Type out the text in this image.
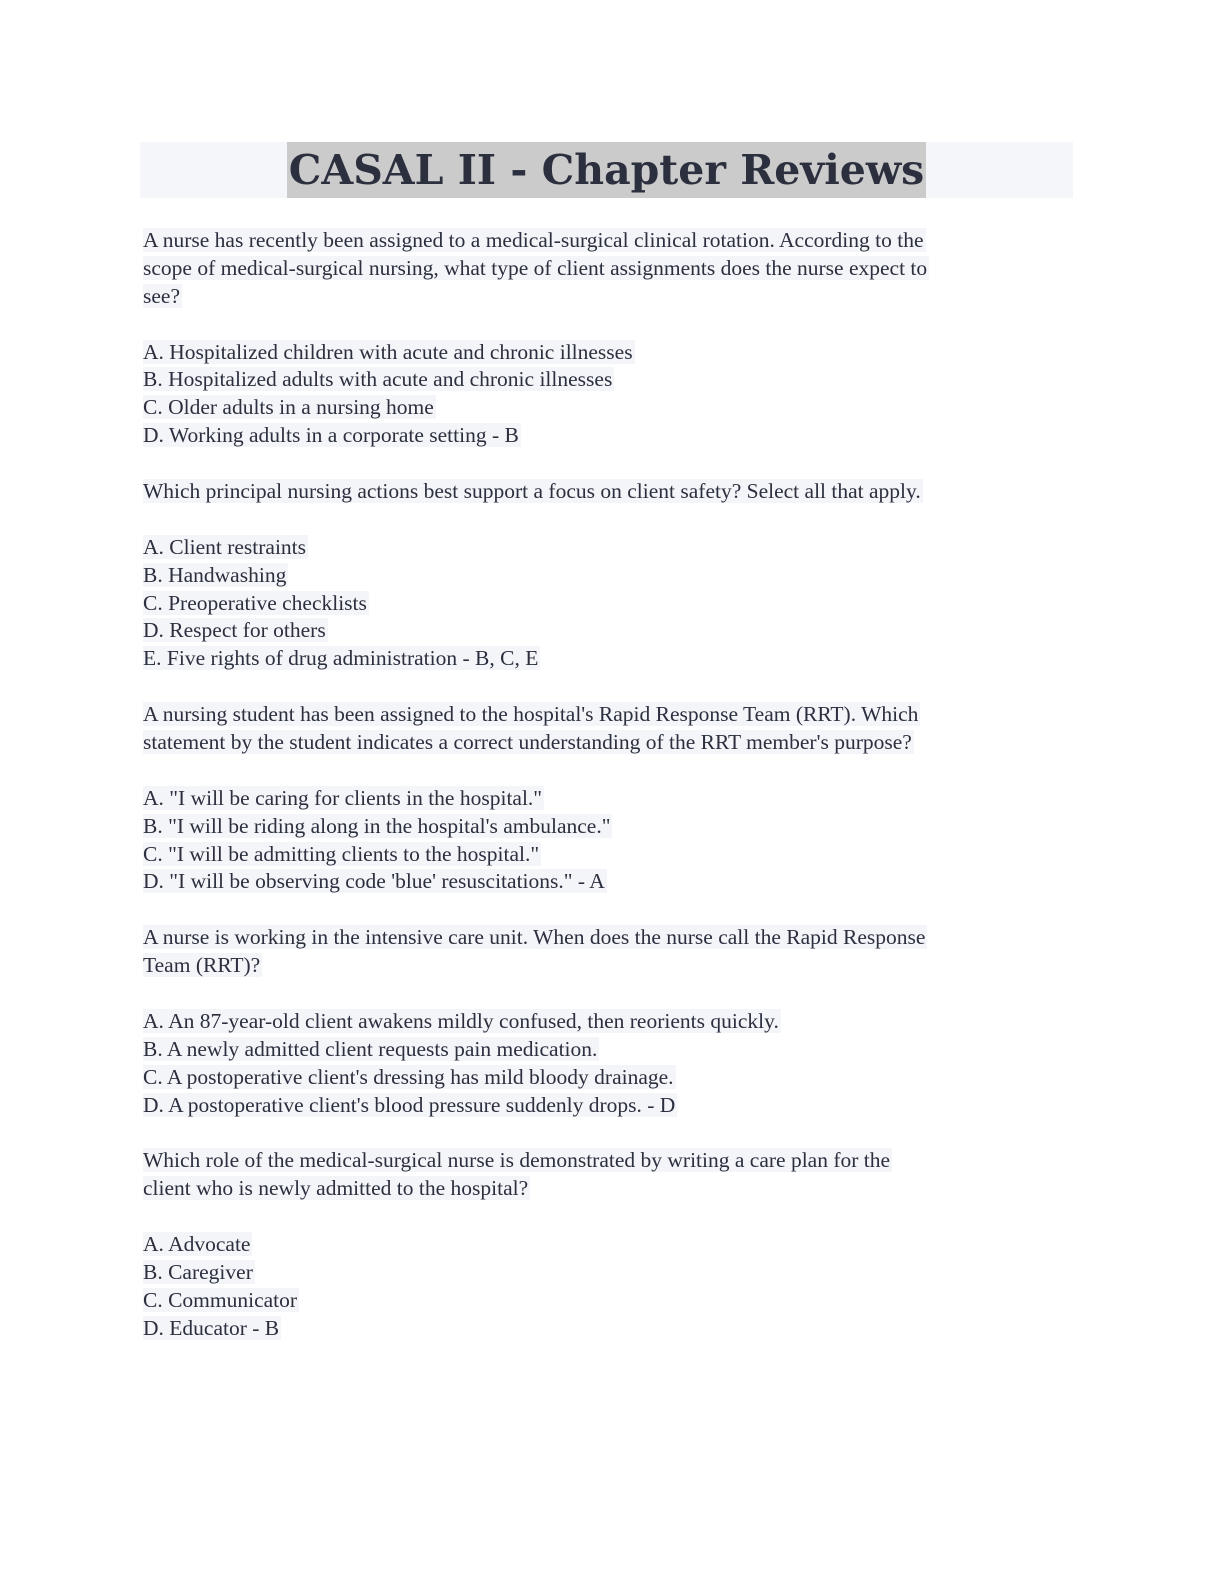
CASAL II - Chapter Reviews
A nurse has recently been assigned to a medical-surgical clinical rotation. According to the
scope of medical-surgical nursing, what type of client assignments does the nurse expect to
see?
A. Hospitalized children with acute and chronic illnesses
B. Hospitalized adults with acute and chronic illnesses
C. Older adults in a nursing home
D. Working adults in a corporate setting - B
Which principal nursing actions best support a focus on client safety? Select all that apply.
A. Client restraints
B. Handwashing
C. Preoperative checklists
D. Respect for others
E. Five rights of drug administration - B, C, E
A nursing student has been assigned to the hospital's Rapid Response Team (RRT). Which
statement by the student indicates a correct understanding of the RRT member's purpose?
A. "I will be caring for clients in the hospital."
B. "I will be riding along in the hospital's ambulance."
C. "I will be admitting clients to the hospital."
D. "I will be observing code 'blue' resuscitations." - A
A nurse is working in the intensive care unit. When does the nurse call the Rapid Response
Team (RRT)?
A. An 87-year-old client awakens mildly confused, then reorients quickly.
B. A newly admitted client requests pain medication.
C. A postoperative client's dressing has mild bloody drainage.
D. A postoperative client's blood pressure suddenly drops. - D
Which role of the medical-surgical nurse is demonstrated by writing a care plan for the
client who is newly admitted to the hospital?
A. Advocate
B. Caregiver
C. Communicator
D. Educator - B
